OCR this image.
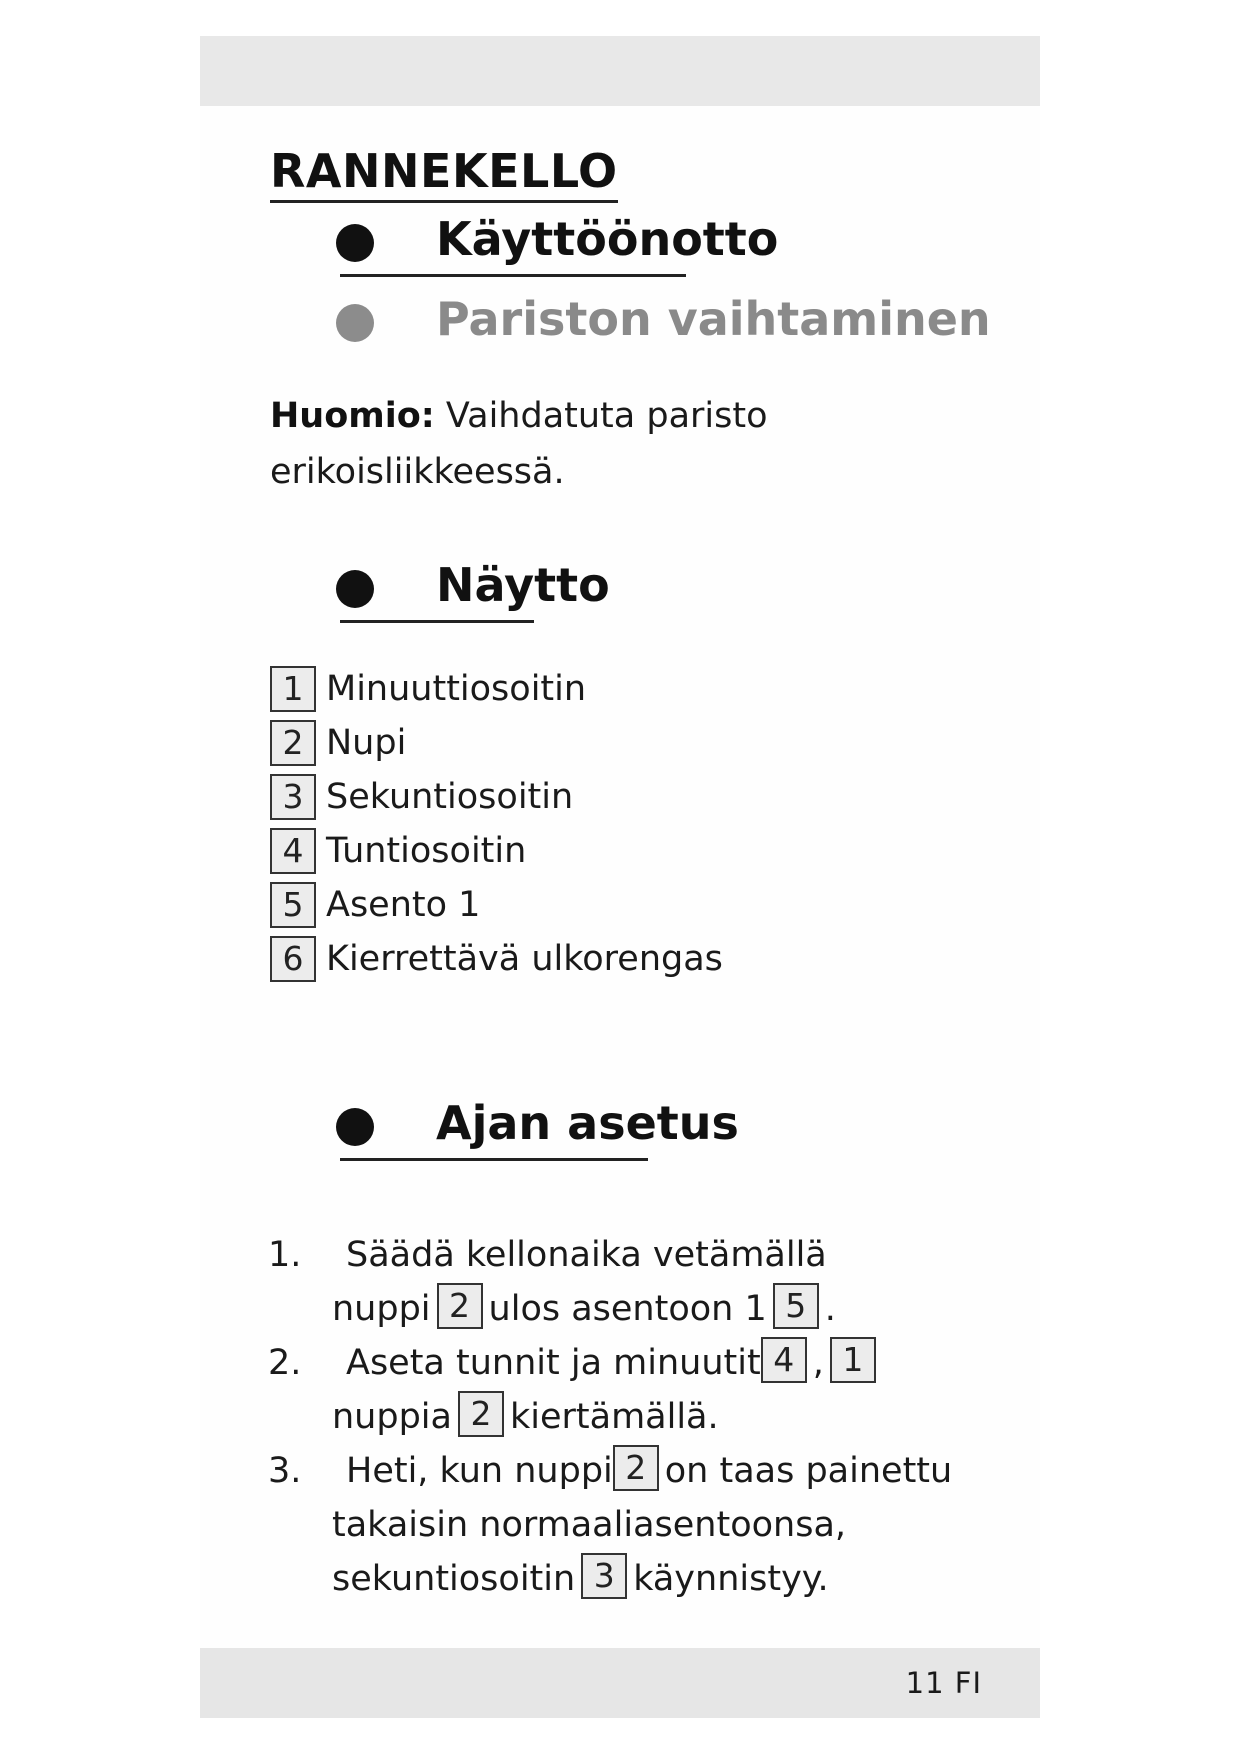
RANNEKELLO
Käyttöönotto
Pariston vaihtaminen
Huomio: Vaihdatuta paristo
erikoisliikkeessä.
Näytto
1 Minuuttiosoitin
2 Nupi
3 Sekuntiosoitin
4 Tuntiosoitin
5 Asento 1
6 Kierrettävä ulkorengas
Ajan asetus
1.	Säädä kellonaika vetämällä
nuppi 2 ulos asentoon 1 5 .
2.	Aseta tunnit ja minuutit 4 , 1
nuppia 2 kiertämällä.
3.	Heti, kun nuppi 2 on taas painettu
takaisin normaaliasentoonsa,
sekuntiosoitin 3 käynnistyy.
11 FI
